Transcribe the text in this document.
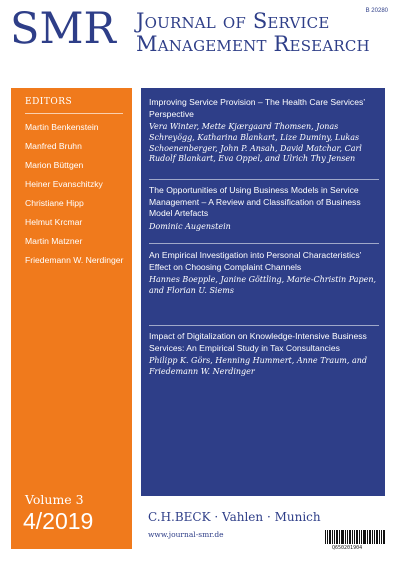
SMR Journal of Service
Management Research
B 20280
EDITORS
Martin Benkenstein
Manfred Bruhn
Marion Büttgen
Heiner Evanschitzky
Christiane Hipp
Helmut Krcmar
Martin Matzner
Friedemann W. Nerdinger
Volume 3
4/2019
Improving Service Provision – The Health Care Services’ Perspective
Vera Winter, Mette Kjærgaard Thomsen, Jonas Schreyögg, Katharina Blankart, Lize Duminy, Lukas Schoenenberger, John P. Ansah, David Matchar, Carl Rudolf Blankart, Eva Oppel, and Ulrich Thy Jensen
The Opportunities of Using Business Models in Service Management – A Review and Classification of Business Model Artefacts
Dominic Augenstein
An Empirical Investigation into Personal Characteristics’ Effect on Choosing Complaint Channels
Hannes Boepple, Janine Göttling, Marie-Christin Papen, and Florian U. Siems
Impact of Digitalization on Knowledge-Intensive Business Services: An Empirical Study in Tax Consultancies
Philipp K. Görs, Henning Hummert, Anne Traum, and Friedemann W. Nerdinger
C.H.BECK · Vahlen · Munich
www.journal-smr.de
Q650201904
